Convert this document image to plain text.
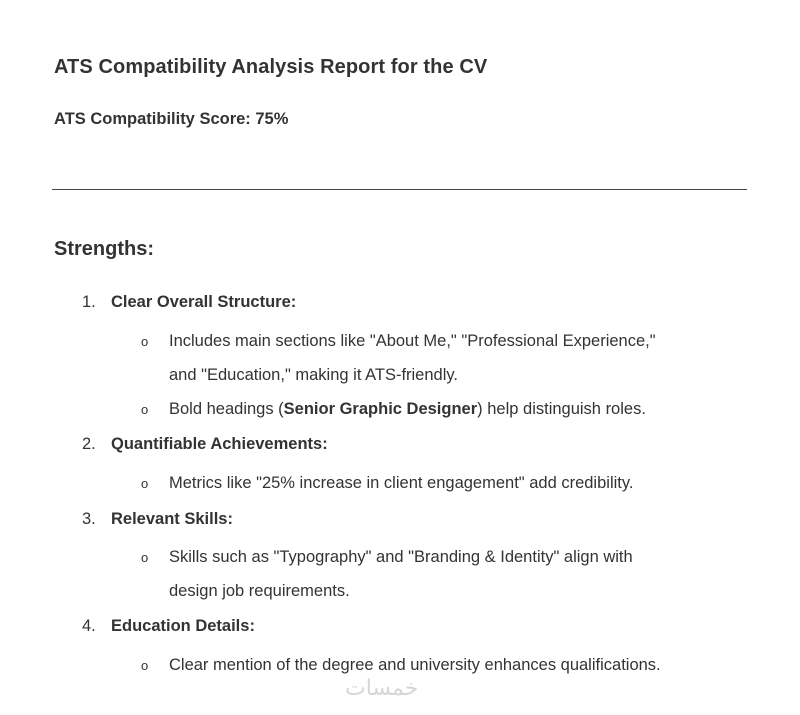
ATS Compatibility Analysis Report for the CV

ATS Compatibility Score: 75%

Strengths:
1. Clear Overall Structure:
o Includes main sections like "About Me," "Professional Experience,"
and "Education," making it ATS-friendly.
o Bold headings (Senior Graphic Designer) help distinguish roles.
2. Quantifiable Achievements:
o Metrics like "25% increase in client engagement" add credibility.
3. Relevant Skills:
o Skills such as "Typography" and "Branding & Identity" align with
design job requirements.
4. Education Details:
o Clear mention of the degree and university enhances qualifications.
خمسات
